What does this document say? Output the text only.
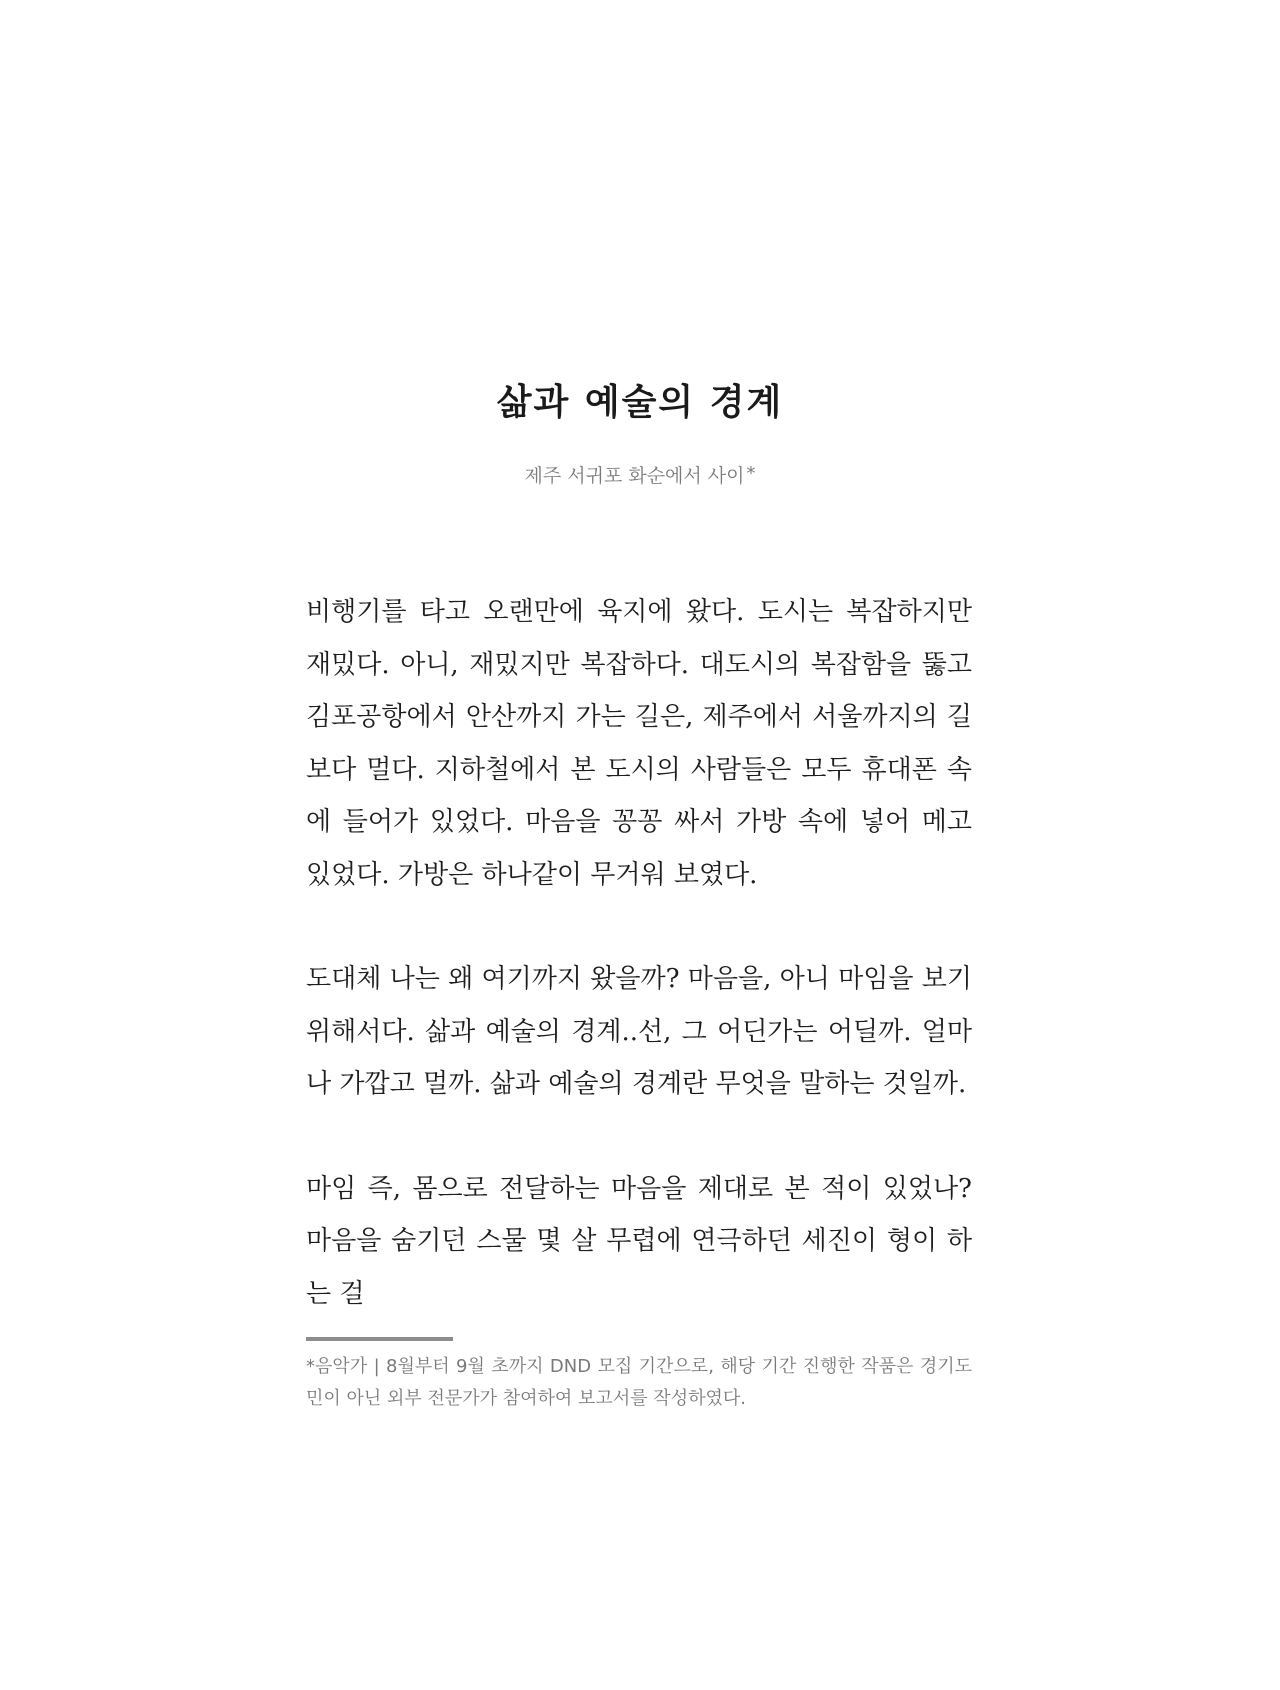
삶과 예술의 경계
제주 서귀포 화순에서 사이 *

비행기를 타고 오랜만에 육지에 왔다. 도시는 복잡하지만 재밌다. 아니, 재밌지만 복잡하다. 대도시의 복잡함을 뚫고 김포공항에서 안산까지 가는 길은, 제주에서 서울까지의 길보다 멀다. 지하철에서 본 도시의 사람들은 모두 휴대폰 속에 들어가 있었다. 마음을 꽁꽁 싸서 가방 속에 넣어 메고 있었다. 가방은 하나같이 무거워 보였다.

도대체 나는 왜 여기까지 왔을까? 마음을, 아니 마임을 보기 위해서다. 삶과 예술의 경계..선, 그 어딘가는 어딜까. 얼마나 가깝고 멀까. 삶과 예술의 경계란 무엇을 말하는 것일까.

마임 즉, 몸으로 전달하는 마음을 제대로 본 적이 있었나? 마음을 숨기던 스물 몇 살 무렵에 연극하던 세진이 형이 하는 걸

*음악가 | 8월부터 9월 초까지 DND 모집 기간으로, 해당 기간 진행한 작품은 경기도민이 아닌 외부 전문가가 참여하여 보고서를 작성하였다.
